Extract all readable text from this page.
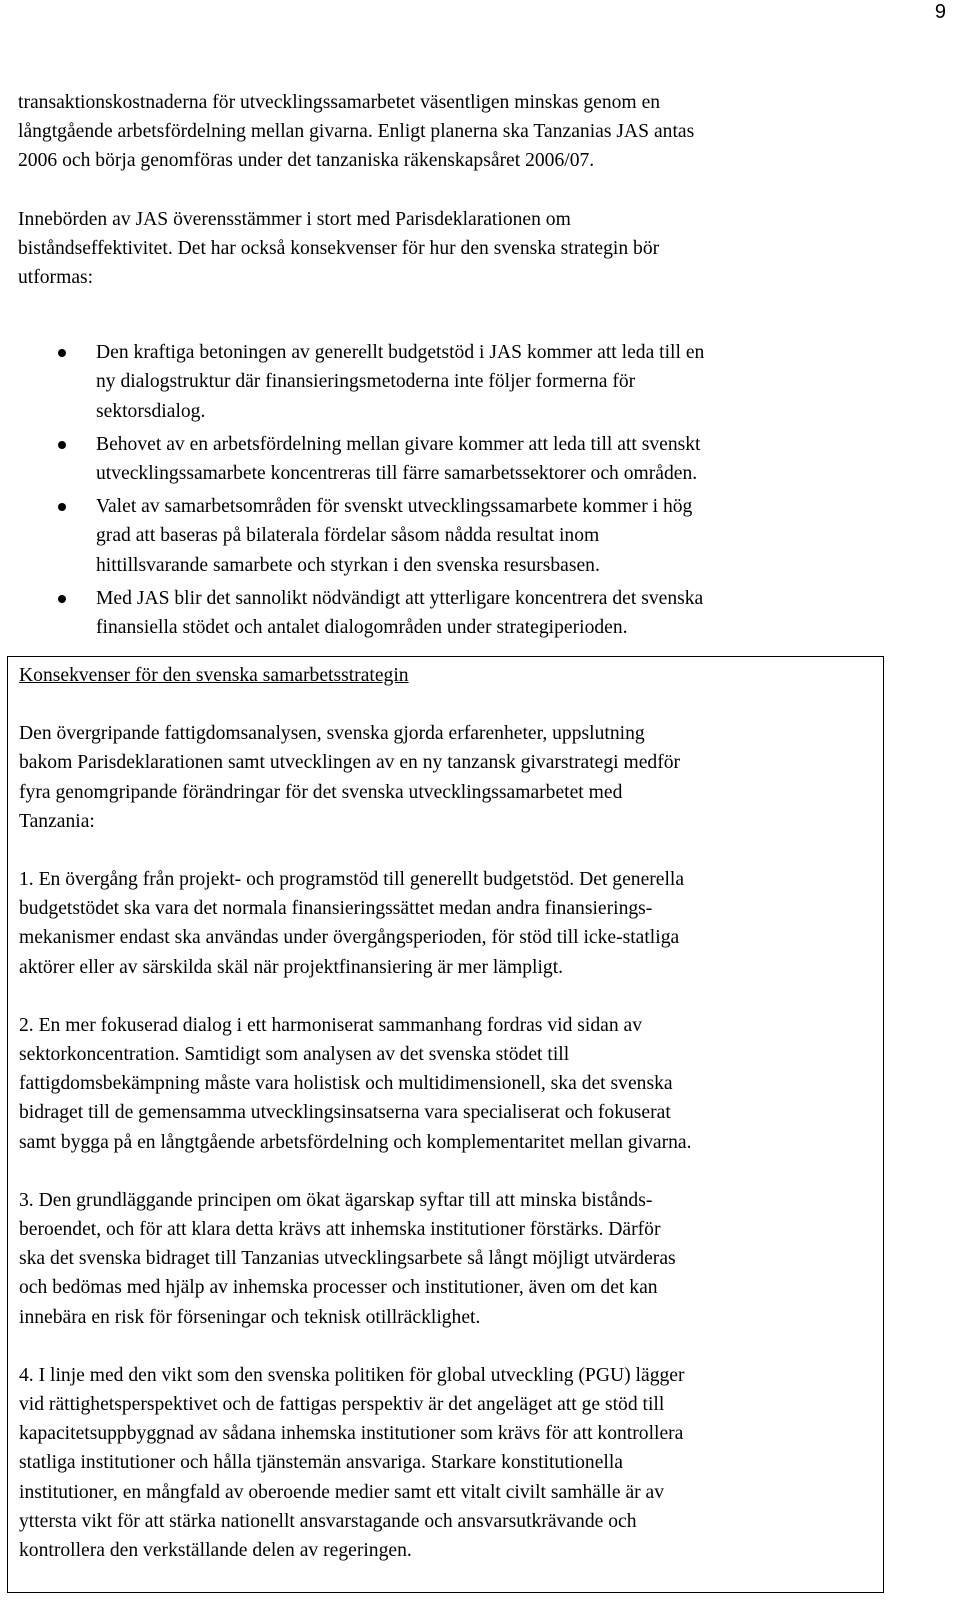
9

transaktionskostnaderna för utvecklingssamarbetet väsentligen minskas genom en
långtgående arbetsfördelning mellan givarna. Enligt planerna ska Tanzanias JAS antas
2006 och börja genomföras under det tanzaniska räkenskapsåret 2006/07.

Innebörden av JAS överensstämmer i stort med Parisdeklarationen om
biståndseffektivitet. Det har också konsekvenser för hur den svenska strategin bör
utformas:

Den kraftiga betoningen av generellt budgetstöd i JAS kommer att leda till en
ny dialogstruktur där finansieringsmetoderna inte följer formerna för
sektorsdialog.
Behovet av en arbetsfördelning mellan givare kommer att leda till att svenskt
utvecklingssamarbete koncentreras till färre samarbetssektorer och områden.
Valet av samarbetsområden för svenskt utvecklingssamarbete kommer i hög
grad att baseras på bilaterala fördelar såsom nådda resultat inom
hittillsvarande samarbete och styrkan i den svenska resursbasen.
Med JAS blir det sannolikt nödvändigt att ytterligare koncentrera det svenska
finansiella stödet och antalet dialogområden under strategiperioden.

Konsekvenser för den svenska samarbetsstrategin

Den övergripande fattigdomsanalysen, svenska gjorda erfarenheter, uppslutning
bakom Parisdeklarationen samt utvecklingen av en ny tanzansk givarstrategi medför
fyra genomgripande förändringar för det svenska utvecklingssamarbetet med
Tanzania:

1. En övergång från projekt- och programstöd till generellt budgetstöd. Det generella
budgetstödet ska vara det normala finansieringssättet medan andra finansierings-
mekanismer endast ska användas under övergångsperioden, för stöd till icke-statliga
aktörer eller av särskilda skäl när projektfinansiering är mer lämpligt.

2. En mer fokuserad dialog i ett harmoniserat sammanhang fordras vid sidan av
sektorkoncentration. Samtidigt som analysen av det svenska stödet till
fattigdomsbekämpning måste vara holistisk och multidimensionell, ska det svenska
bidraget till de gemensamma utvecklingsinsatserna vara specialiserat och fokuserat
samt bygga på en långtgående arbetsfördelning och komplementaritet mellan givarna.

3. Den grundläggande principen om ökat ägarskap syftar till att minska bistånds-
beroendet, och för att klara detta krävs att inhemska institutioner förstärks. Därför
ska det svenska bidraget till Tanzanias utvecklingsarbete så långt möjligt utvärderas
och bedömas med hjälp av inhemska processer och institutioner, även om det kan
innebära en risk för förseningar och teknisk otillräcklighet.

4. I linje med den vikt som den svenska politiken för global utveckling (PGU) lägger
vid rättighetsperspektivet och de fattigas perspektiv är det angeläget att ge stöd till
kapacitetsuppbyggnad av sådana inhemska institutioner som krävs för att kontrollera
statliga institutioner och hålla tjänstemän ansvariga. Starkare konstitutionella
institutioner, en mångfald av oberoende medier samt ett vitalt civilt samhälle är av
yttersta vikt för att stärka nationellt ansvarstagande och ansvarsutkrävande och
kontrollera den verkställande delen av regeringen.
